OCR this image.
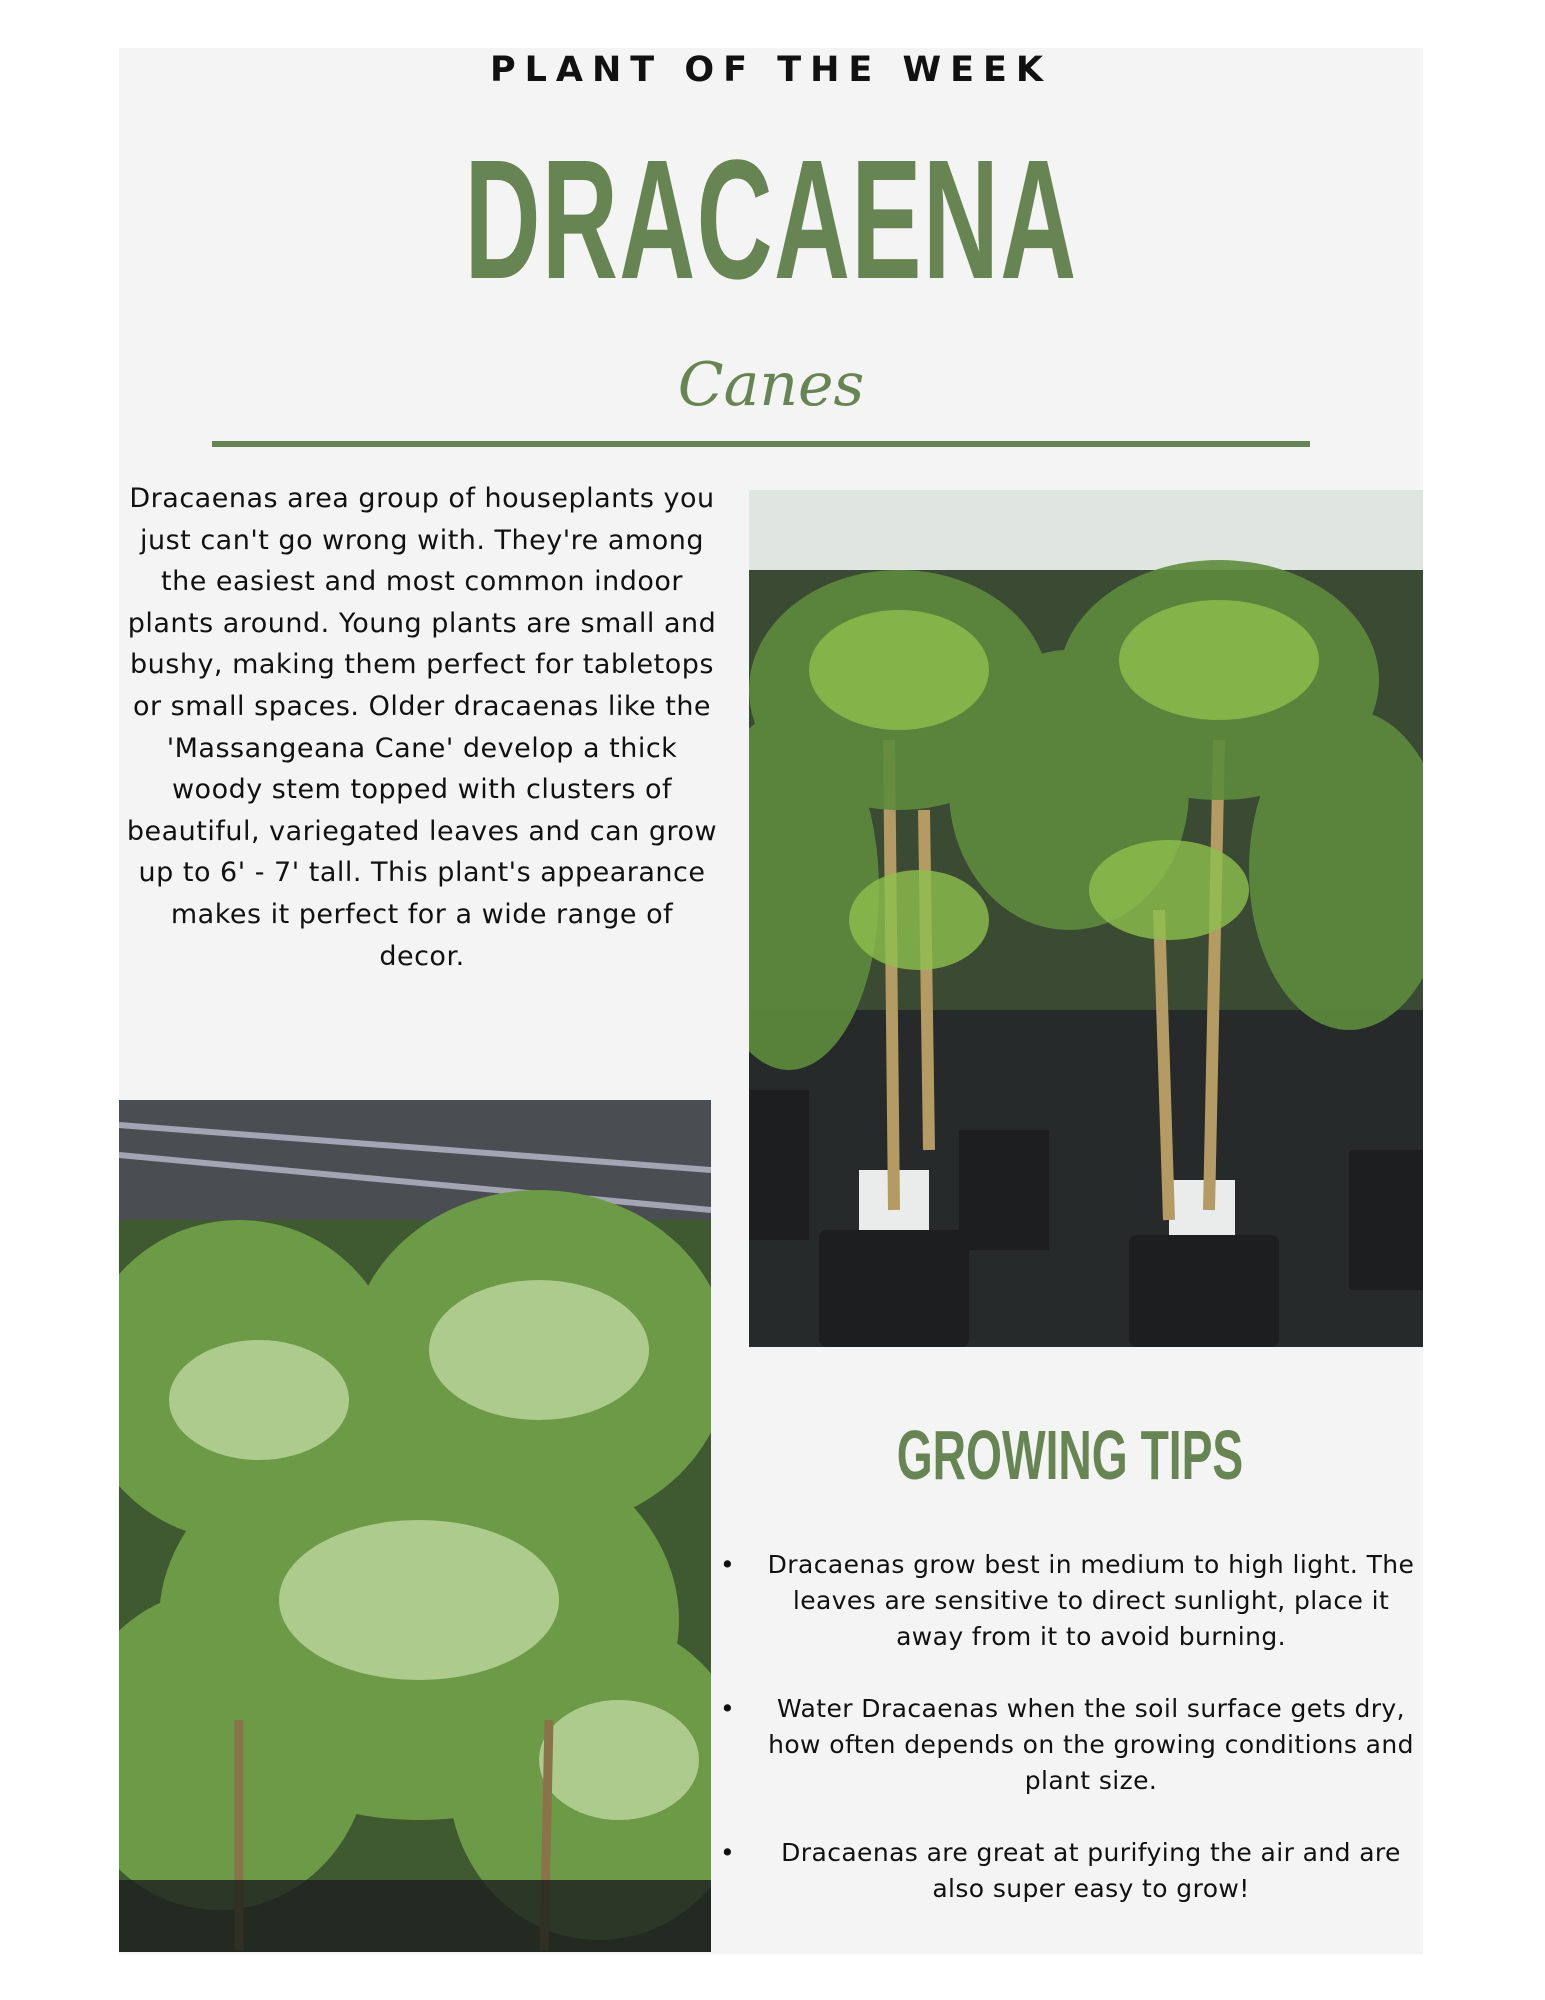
PLANT OF THE WEEK
DRACAENA
Canes

Dracaenas area group of houseplants you just can't go wrong with. They're among the easiest and most common indoor plants around. Young plants are small and bushy, making them perfect for tabletops or small spaces. Older dracaenas like the 'Massangeana Cane' develop a thick woody stem topped with clusters of beautiful, variegated leaves and can grow up to 6' - 7' tall. This plant's appearance makes it perfect for a wide range of decor.

GROWING TIPS
• Dracaenas grow best in medium to high light. The leaves are sensitive to direct sunlight, place it away from it to avoid burning.
• Water Dracaenas when the soil surface gets dry, how often depends on the growing conditions and plant size.
• Dracaenas are great at purifying the air and are also super easy to grow!
